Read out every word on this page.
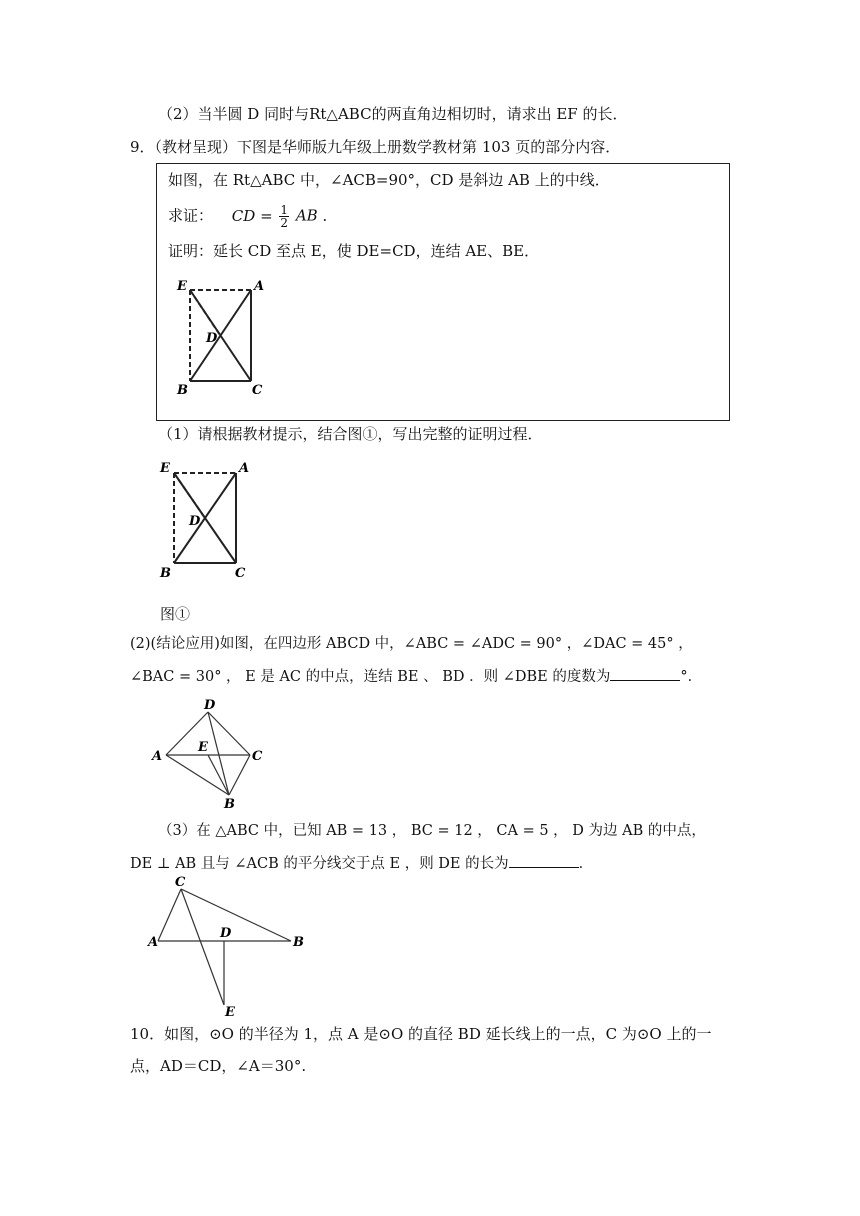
（2）当半圆 D 同时与Rt△ABC的两直角边相切时，请求出 EF 的长．
9．（教材呈现）下图是华师版九年级上册数学教材第 103 页的部分内容．
如图，在 Rt△ABC 中，∠ACB=90°，CD 是斜边 AB 上的中线．
求证： CD = $\frac{1}{2}$ AB ．
证明：延长 CD 至点 E，使 DE=CD，连结 AE、BE．
E	A
D
B	C
（1）请根据教材提示，结合图①，写出完整的证明过程．
E	A
D
B	C
图①
(2)(结论应用)如图，在四边形 ABCD 中，∠ABC = ∠ADC = 90° ，∠DAC = 45° ，
∠BAC = 30° ， E 是 AC 的中点，连结 BE 、 BD ．则 ∠DBE 的度数为	°．
D
A
E
C
B
（3）在 △ABC 中，已知 AB = 13 ， BC = 12 ， CA = 5 ， D 为边 AB 的中点，
DE ⊥ AB 且与 ∠ACB 的平分线交于点 E ，则 DE 的长为	．
C
A
D
B
E
10．如图，⊙O 的半径为 1，点 A 是⊙O 的直径 BD 延长线上的一点，C 为⊙O 上的一
点，AD＝CD，∠A＝30°.
